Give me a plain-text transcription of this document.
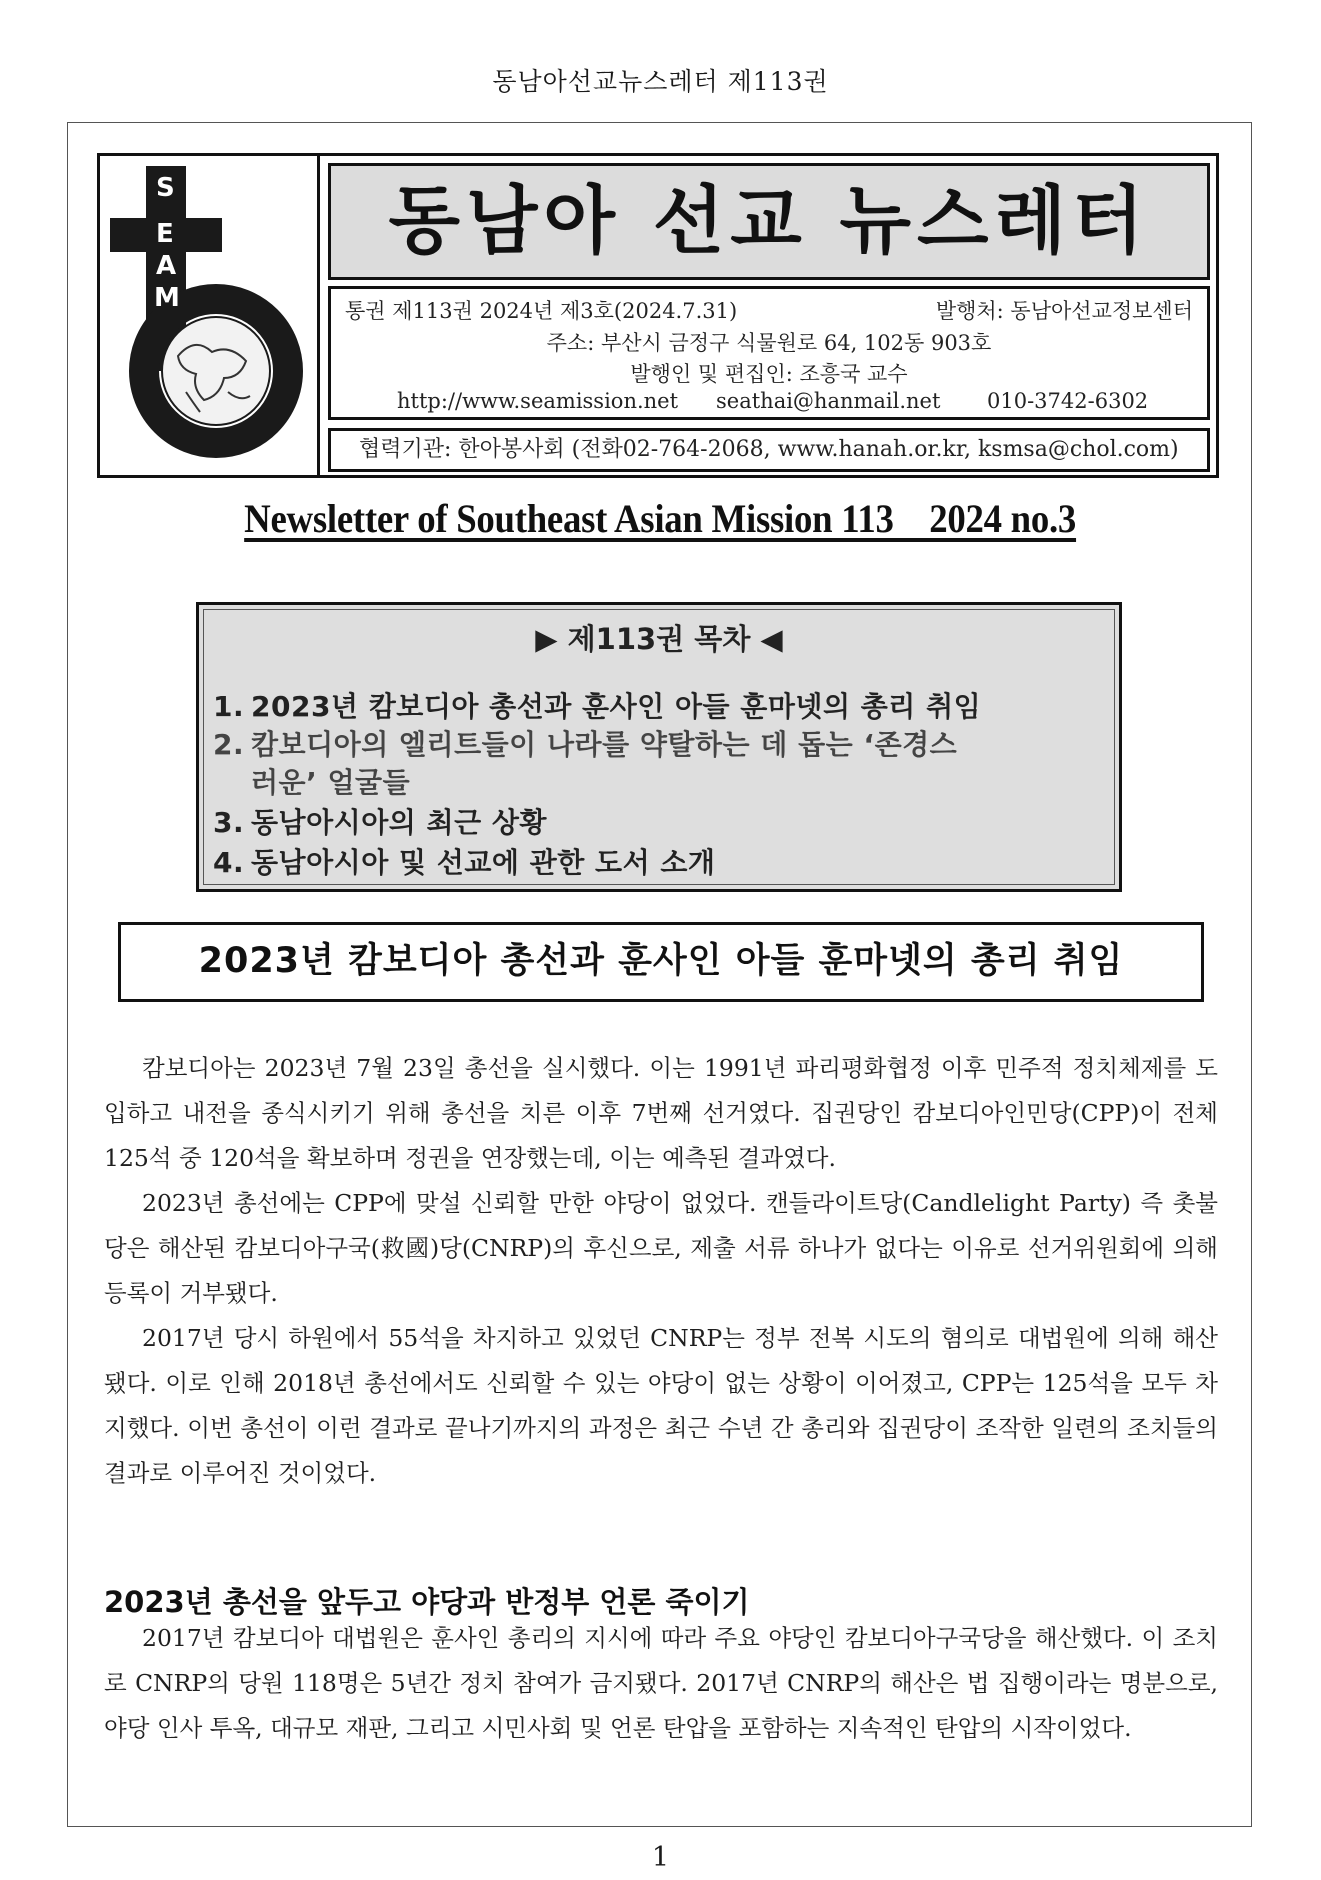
동남아선교뉴스레터 제113권
S
E
A
M
동남아 선교 뉴스레터
통권 제113권 2024년 제3호(2024.7.31)	발행처: 동남아선교정보센터
주소: 부산시 금정구 식물원로 64, 102동 903호
발행인 및 편집인: 조흥국 교수
http://www.seamission.net seathai@hanmail.net 010-3742-6302
협력기관: 한아봉사회 (전화02-764-2068, www.hanah.or.kr, ksmsa@chol.com)
Newsletter of Southeast Asian Mission 113    2024 no.3
▶ 제113권 목차 ◀
1. 2023년 캄보디아 총선과 훈사인 아들 훈마넷의 총리 취임
2. 캄보디아의 엘리트들이 나라를 약탈하는 데 돕는 ‘존경스
러운’ 얼굴들
3. 동남아시아의 최근 상황
4. 동남아시아 및 선교에 관한 도서 소개
2023년 캄보디아 총선과 훈사인 아들 훈마넷의 총리 취임

캄보디아는 2023년 7월 23일 총선을 실시했다. 이는 1991년 파리평화협정 이후 민주적 정치체제를 도입하고 내전을 종식시키기 위해 총선을 치른 이후 7번째 선거였다. 집권당인 캄보디아인민당(CPP)이 전체 125석 중 120석을 확보하며 정권을 연장했는데, 이는 예측된 결과였다.

2023년 총선에는 CPP에 맞설 신뢰할 만한 야당이 없었다. 캔들라이트당(Candlelight Party) 즉 촛불당은 해산된 캄보디아구국(救國)당(CNRP)의 후신으로, 제출 서류 하나가 없다는 이유로 선거위원회에 의해 등록이 거부됐다.

2017년 당시 하원에서 55석을 차지하고 있었던 CNRP는 정부 전복 시도의 혐의로 대법원에 의해 해산됐다. 이로 인해 2018년 총선에서도 신뢰할 수 있는 야당이 없는 상황이 이어졌고, CPP는 125석을 모두 차지했다. 이번 총선이 이런 결과로 끝나기까지의 과정은 최근 수년 간 총리와 집권당이 조작한 일련의 조치들의 결과로 이루어진 것이었다.

2023년 총선을 앞두고 야당과 반정부 언론 죽이기

2017년 캄보디아 대법원은 훈사인 총리의 지시에 따라 주요 야당인 캄보디아구국당을 해산했다. 이 조치로 CNRP의 당원 118명은 5년간 정치 참여가 금지됐다. 2017년 CNRP의 해산은 법 집행이라는 명분으로, 야당 인사 투옥, 대규모 재판, 그리고 시민사회 및 언론 탄압을 포함하는 지속적인 탄압의 시작이었다.

1
